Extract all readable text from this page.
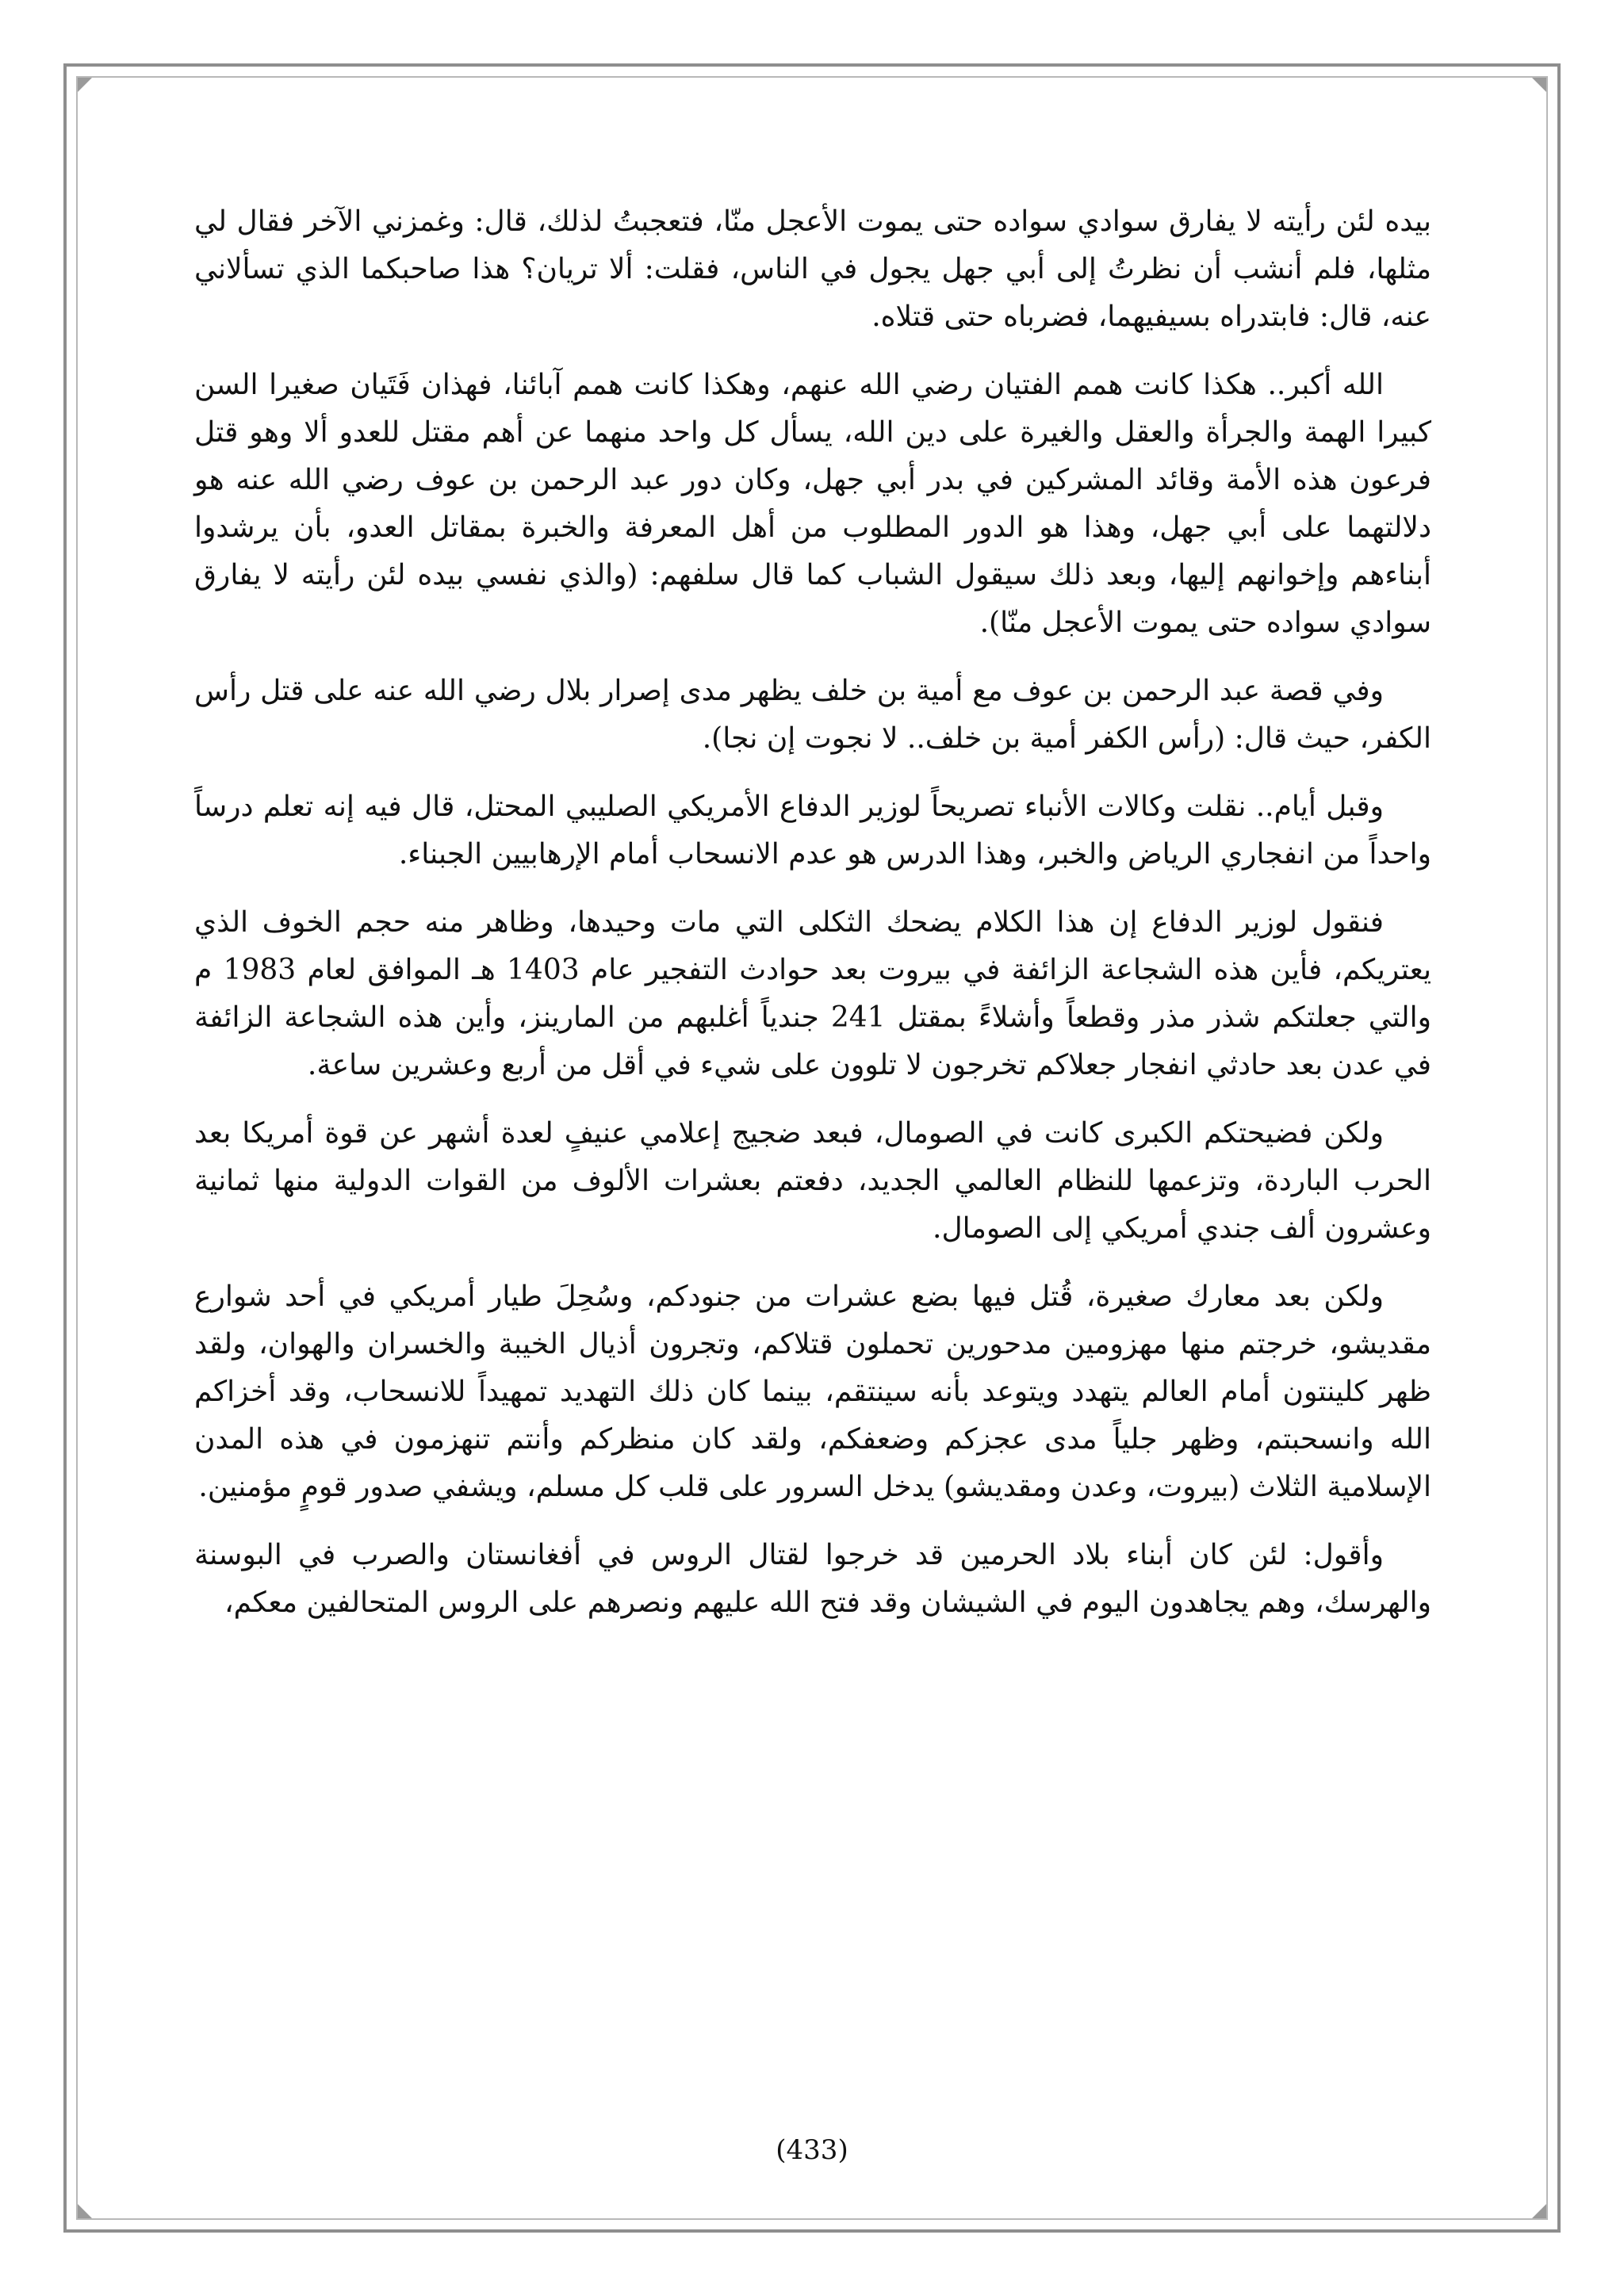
بيده لئن رأيته لا يفارق سوادي سواده حتى يموت الأعجل منّا، فتعجبتُ لذلك، قال: وغمزني الآخر فقال لي مثلها، فلم أنشب أن نظرتُ إلى أبي جهل يجول في الناس، فقلت: ألا تريان؟ هذا صاحبكما الذي تسألاني عنه، قال: فابتدراه بسيفيهما، فضرباه حتى قتلاه.

الله أكبر.. هكذا كانت همم الفتيان رضي الله عنهم، وهكذا كانت همم آبائنا، فهذان فَتَيان صغيرا السن كبيرا الهمة والجرأة والعقل والغيرة على دين الله، يسأل كل واحد منهما عن أهم مقتل للعدو ألا وهو قتل فرعون هذه الأمة وقائد المشركين في بدر أبي جهل، وكان دور عبد الرحمن بن عوف رضي الله عنه هو دلالتهما على أبي جهل، وهذا هو الدور المطلوب من أهل المعرفة والخبرة بمقاتل العدو، بأن يرشدوا أبناءهم وإخوانهم إليها، وبعد ذلك سيقول الشباب كما قال سلفهم: (والذي نفسي بيده لئن رأيته لا يفارق سوادي سواده حتى يموت الأعجل منّا).

وفي قصة عبد الرحمن بن عوف مع أمية بن خلف يظهر مدى إصرار بلال رضي الله عنه على قتل رأس الكفر، حيث قال: (رأس الكفر أمية بن خلف.. لا نجوت إن نجا).

وقبل أيام.. نقلت وكالات الأنباء تصريحاً لوزير الدفاع الأمريكي الصليبي المحتل، قال فيه إنه تعلم درساً واحداً من انفجاري الرياض والخبر، وهذا الدرس هو عدم الانسحاب أمام الإرهابيين الجبناء.

فنقول لوزير الدفاع إن هذا الكلام يضحك الثكلى التي مات وحيدها، وظاهر منه حجم الخوف الذي يعتريكم، فأين هذه الشجاعة الزائفة في بيروت بعد حوادث التفجير عام 1403 هـ الموافق لعام 1983 م والتي جعلتكم شذر مذر وقطعاً وأشلاءً بمقتل 241 جندياً أغلبهم من المارينز، وأين هذه الشجاعة الزائفة في عدن بعد حادثي انفجار جعلاكم تخرجون لا تلوون على شيء في أقل من أربع وعشرين ساعة.

ولكن فضيحتكم الكبرى كانت في الصومال، فبعد ضجيج إعلامي عنيفٍ لعدة أشهر عن قوة أمريكا بعد الحرب الباردة، وتزعمها للنظام العالمي الجديد، دفعتم بعشرات الألوف من القوات الدولية منها ثمانية وعشرون ألف جندي أمريكي إلى الصومال.

ولكن بعد معارك صغيرة، قُتل فيها بضع عشرات من جنودكم، وسُحِلَ طيار أمريكي في أحد شوارع مقديشو، خرجتم منها مهزومين مدحورين تحملون قتلاكم، وتجرون أذيال الخيبة والخسران والهوان، ولقد ظهر كلينتون أمام العالم يتهدد ويتوعد بأنه سينتقم، بينما كان ذلك التهديد تمهيداً للانسحاب، وقد أخزاكم الله وانسحبتم، وظهر جلياً مدى عجزكم وضعفكم، ولقد كان منظركم وأنتم تنهزمون في هذه المدن الإسلامية الثلاث (بيروت، وعدن ومقديشو) يدخل السرور على قلب كل مسلم، ويشفي صدور قومٍ مؤمنين.

وأقول: لئن كان أبناء بلاد الحرمين قد خرجوا لقتال الروس في أفغانستان والصرب في البوسنة والهرسك، وهم يجاهدون اليوم في الشيشان وقد فتح الله عليهم ونصرهم على الروس المتحالفين معكم،

(433)
